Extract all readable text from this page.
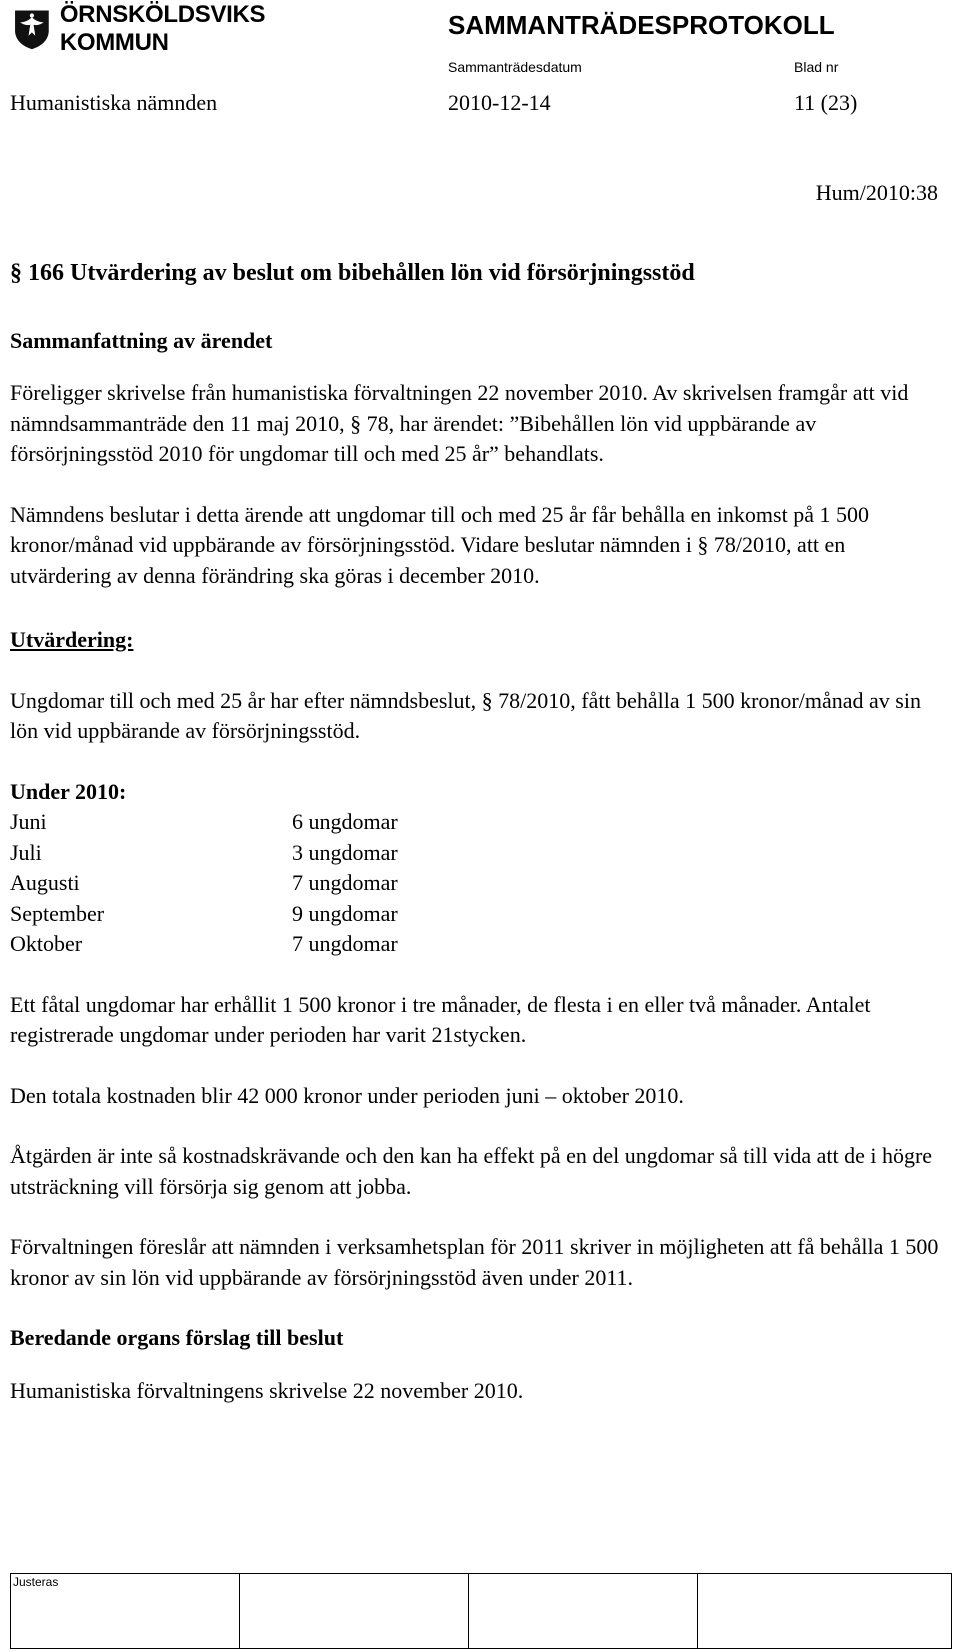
ÖRNSKÖLDSVIKS KOMMUN
SAMMANTRÄDESPROTOKOLL
Sammanträdesdatum	Blad nr
Humanistiska nämnden	2010-12-14	11 (23)
Hum/2010:38

§ 166 Utvärdering av beslut om bibehållen lön vid försörjningsstöd

Sammanfattning av ärendet

Föreligger skrivelse från humanistiska förvaltningen 22 november 2010. Av skrivelsen framgår att vid nämndsammanträde den 11 maj 2010, § 78, har ärendet: ”Bibehållen lön vid uppbärande av försörjningsstöd 2010 för ungdomar till och med 25 år” behandlats.

Nämndens beslutar i detta ärende att ungdomar till och med 25 år får behålla en inkomst på 1 500 kronor/månad vid uppbärande av försörjningsstöd. Vidare beslutar nämnden i § 78/2010, att en utvärdering av denna förändring ska göras i december 2010.

Utvärdering:

Ungdomar till och med 25 år har efter nämndsbeslut, § 78/2010, fått behålla 1 500 kronor/månad av sin lön vid uppbärande av försörjningsstöd.

Under 2010:

Juni	6 ungdomar
Juli	3 ungdomar
Augusti	7 ungdomar
September	9 ungdomar
Oktober	7 ungdomar

Ett fåtal ungdomar har erhållit 1 500 kronor i tre månader, de flesta i en eller två månader. Antalet registrerade ungdomar under perioden har varit 21stycken.

Den totala kostnaden blir 42 000 kronor under perioden juni – oktober 2010.

Åtgärden är inte så kostnadskrävande och den kan ha effekt på en del ungdomar så till vida att de i högre utsträckning vill försörja sig genom att jobba.

Förvaltningen föreslår att nämnden i verksamhetsplan för 2011 skriver in möjligheten att få behålla 1 500 kronor av sin lön vid uppbärande av försörjningsstöd även under 2011.

Beredande organs förslag till beslut

Humanistiska förvaltningens skrivelse 22 november 2010.

Justeras
